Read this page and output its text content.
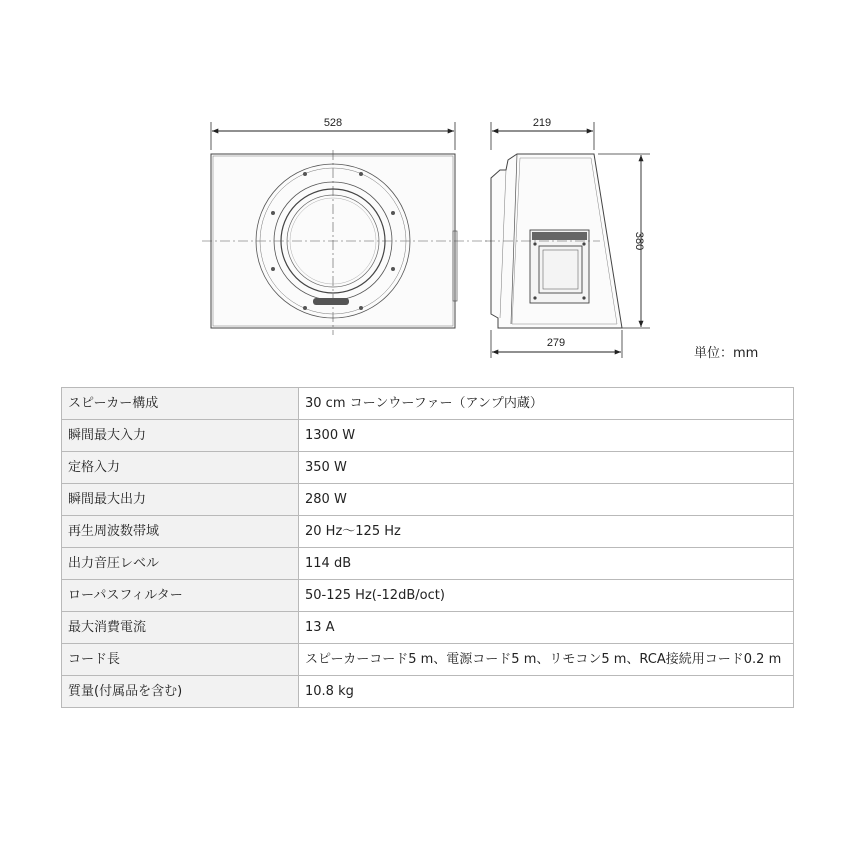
528	219
380
279
単位：mm
スピーカー構成	30 cm コーンウーファー（アンプ内蔵）
瞬間最大入力	1300 W
定格入力	350 W
瞬間最大出力	280 W
再生周波数帯域	20 Hz～125 Hz
出力音圧レベル	114 dB
ローパスフィルター	50-125 Hz(-12dB/oct)
最大消費電流	13 A
コード長	スピーカーコード5 m、電源コード5 m、リモコン5 m、RCA接続用コード0.2 m
質量(付属品を含む)	10.8 kg
